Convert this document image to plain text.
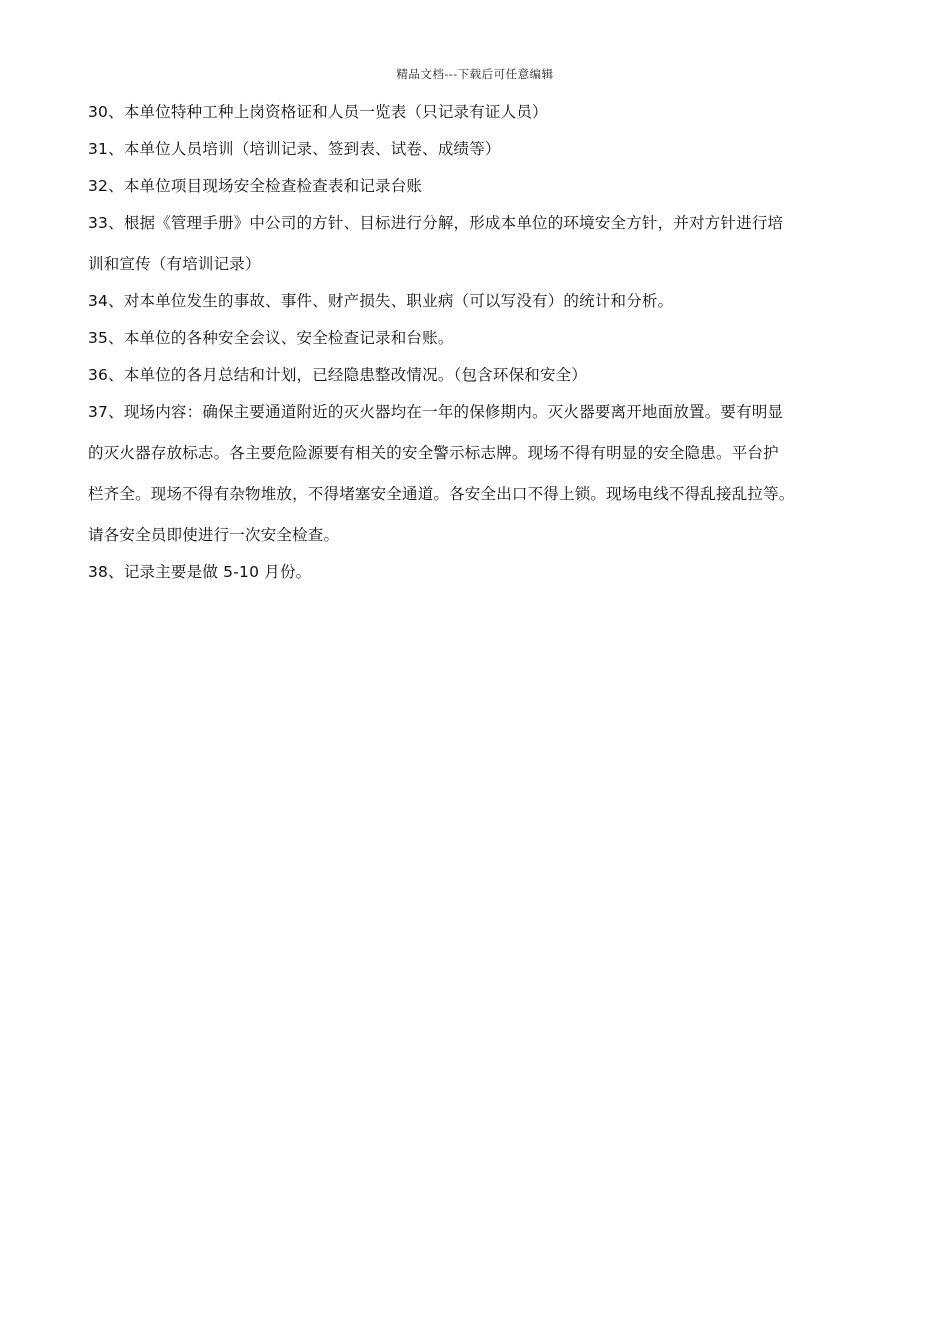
精品文档---下载后可任意编辑
30、本单位特种工种上岗资格证和人员一览表（只记录有证人员）
31、本单位人员培训（培训记录、签到表、试卷、成绩等）
32、本单位项目现场安全检查检查表和记录台账
33、根据《管理手册》中公司的方针、目标进行分解，形成本单位的环境安全方针，并对方针进行培
训和宣传（有培训记录）
34、对本单位发生的事故、事件、财产损失、职业病（可以写没有）的统计和分析。
35、本单位的各种安全会议、安全检查记录和台账。
36、本单位的各月总结和计划，已经隐患整改情况。（包含环保和安全）
37、现场内容：确保主要通道附近的灭火器均在一年的保修期内。灭火器要离开地面放置。要有明显
的灭火器存放标志。各主要危险源要有相关的安全警示标志牌。现场不得有明显的安全隐患。平台护
栏齐全。现场不得有杂物堆放，不得堵塞安全通道。各安全出口不得上锁。现场电线不得乱接乱拉等。
请各安全员即使进行一次安全检查。
38、记录主要是做 5-10 月份。
